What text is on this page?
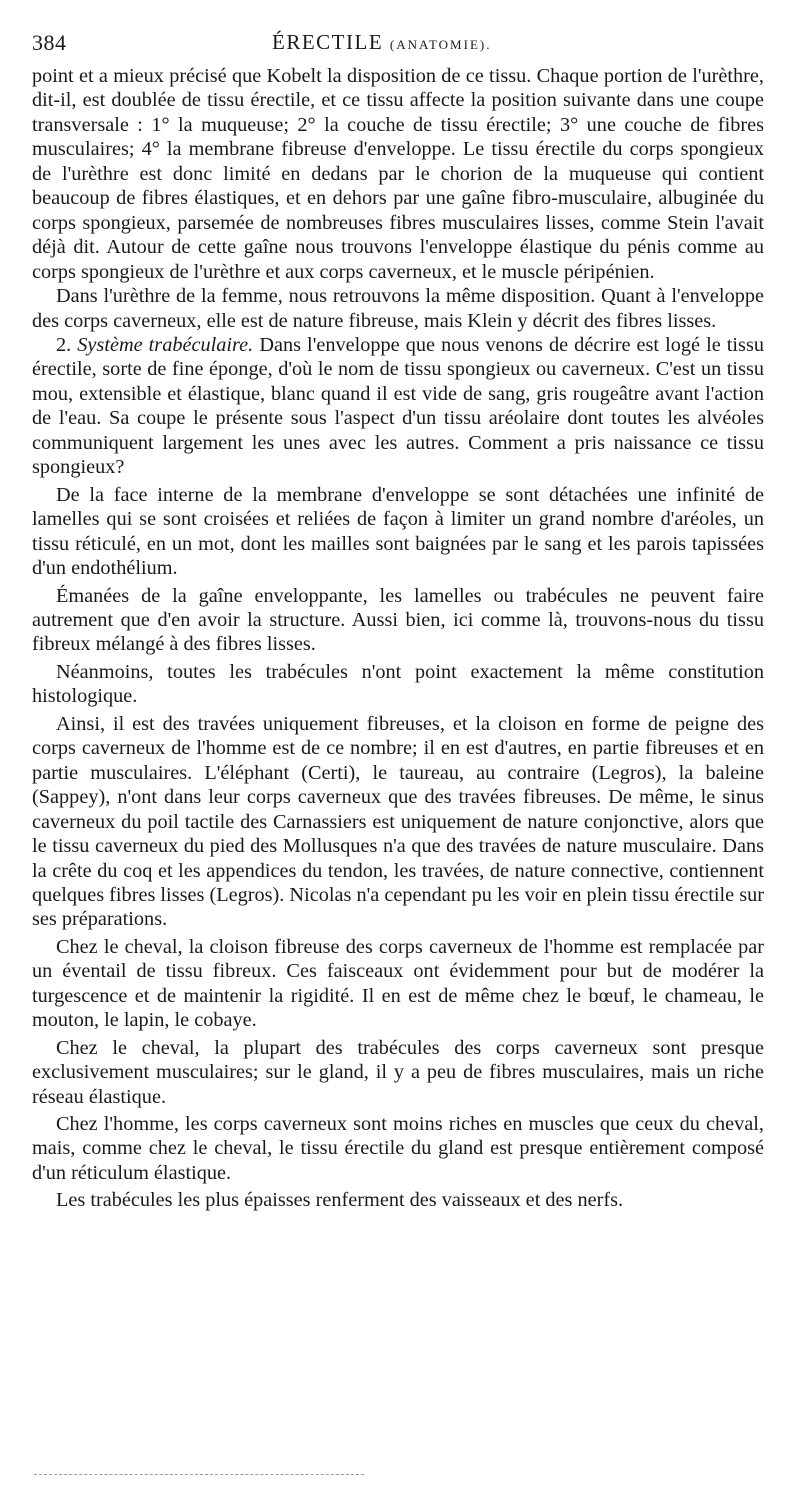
384	ÉRECTILE (ANATOMIE).

point et a mieux précisé que Kobelt la disposition de ce tissu. Chaque portion de l'urèthre, dit-il, est doublée de tissu érectile, et ce tissu affecte la position suivante dans une coupe transversale : 1° la muqueuse; 2° la couche de tissu érectile; 3° une couche de fibres musculaires; 4° la membrane fibreuse d'enveloppe. Le tissu érectile du corps spongieux de l'urèthre est donc limité en dedans par le chorion de la muqueuse qui contient beaucoup de fibres élastiques, et en dehors par une gaîne fibro-musculaire, albuginée du corps spongieux, parsemée de nombreuses fibres musculaires lisses, comme Stein l'avait déjà dit. Autour de cette gaîne nous trouvons l'enveloppe élastique du pénis comme au corps spongieux de l'urèthre et aux corps caverneux, et le muscle péripénien.

Dans l'urèthre de la femme, nous retrouvons la même disposition. Quant à l'enveloppe des corps caverneux, elle est de nature fibreuse, mais Klein y décrit des fibres lisses.

2. Système trabéculaire. Dans l'enveloppe que nous venons de décrire est logé le tissu érectile, sorte de fine éponge, d'où le nom de tissu spongieux ou caverneux. C'est un tissu mou, extensible et élastique, blanc quand il est vide de sang, gris rougeâtre avant l'action de l'eau. Sa coupe le présente sous l'aspect d'un tissu aréolaire dont toutes les alvéoles communiquent largement les unes avec les autres. Comment a pris naissance ce tissu spongieux?

De la face interne de la membrane d'enveloppe se sont détachées une infinité de lamelles qui se sont croisées et reliées de façon à limiter un grand nombre d'aréoles, un tissu réticulé, en un mot, dont les mailles sont baignées par le sang et les parois tapissées d'un endothélium.

Émanées de la gaîne enveloppante, les lamelles ou trabécules ne peuvent faire autrement que d'en avoir la structure. Aussi bien, ici comme là, trouvons-nous du tissu fibreux mélangé à des fibres lisses.

Néanmoins, toutes les trabécules n'ont point exactement la même constitution histologique.

Ainsi, il est des travées uniquement fibreuses, et la cloison en forme de peigne des corps caverneux de l'homme est de ce nombre; il en est d'autres, en partie fibreuses et en partie musculaires. L'éléphant (Certi), le taureau, au contraire (Legros), la baleine (Sappey), n'ont dans leur corps caverneux que des travées fibreuses. De même, le sinus caverneux du poil tactile des Carnassiers est uniquement de nature conjonctive, alors que le tissu caverneux du pied des Mollusques n'a que des travées de nature musculaire. Dans la crête du coq et les appendices du tendon, les travées, de nature connective, contiennent quelques fibres lisses (Legros). Nicolas n'a cependant pu les voir en plein tissu érectile sur ses préparations.

Chez le cheval, la cloison fibreuse des corps caverneux de l'homme est remplacée par un éventail de tissu fibreux. Ces faisceaux ont évidemment pour but de modérer la turgescence et de maintenir la rigidité. Il en est de même chez le bœuf, le chameau, le mouton, le lapin, le cobaye.

Chez le cheval, la plupart des trabécules des corps caverneux sont presque exclusivement musculaires; sur le gland, il y a peu de fibres musculaires, mais un riche réseau élastique.

Chez l'homme, les corps caverneux sont moins riches en muscles que ceux du cheval, mais, comme chez le cheval, le tissu érectile du gland est presque entièrement composé d'un réticulum élastique.

Les trabécules les plus épaisses renferment des vaisseaux et des nerfs.
